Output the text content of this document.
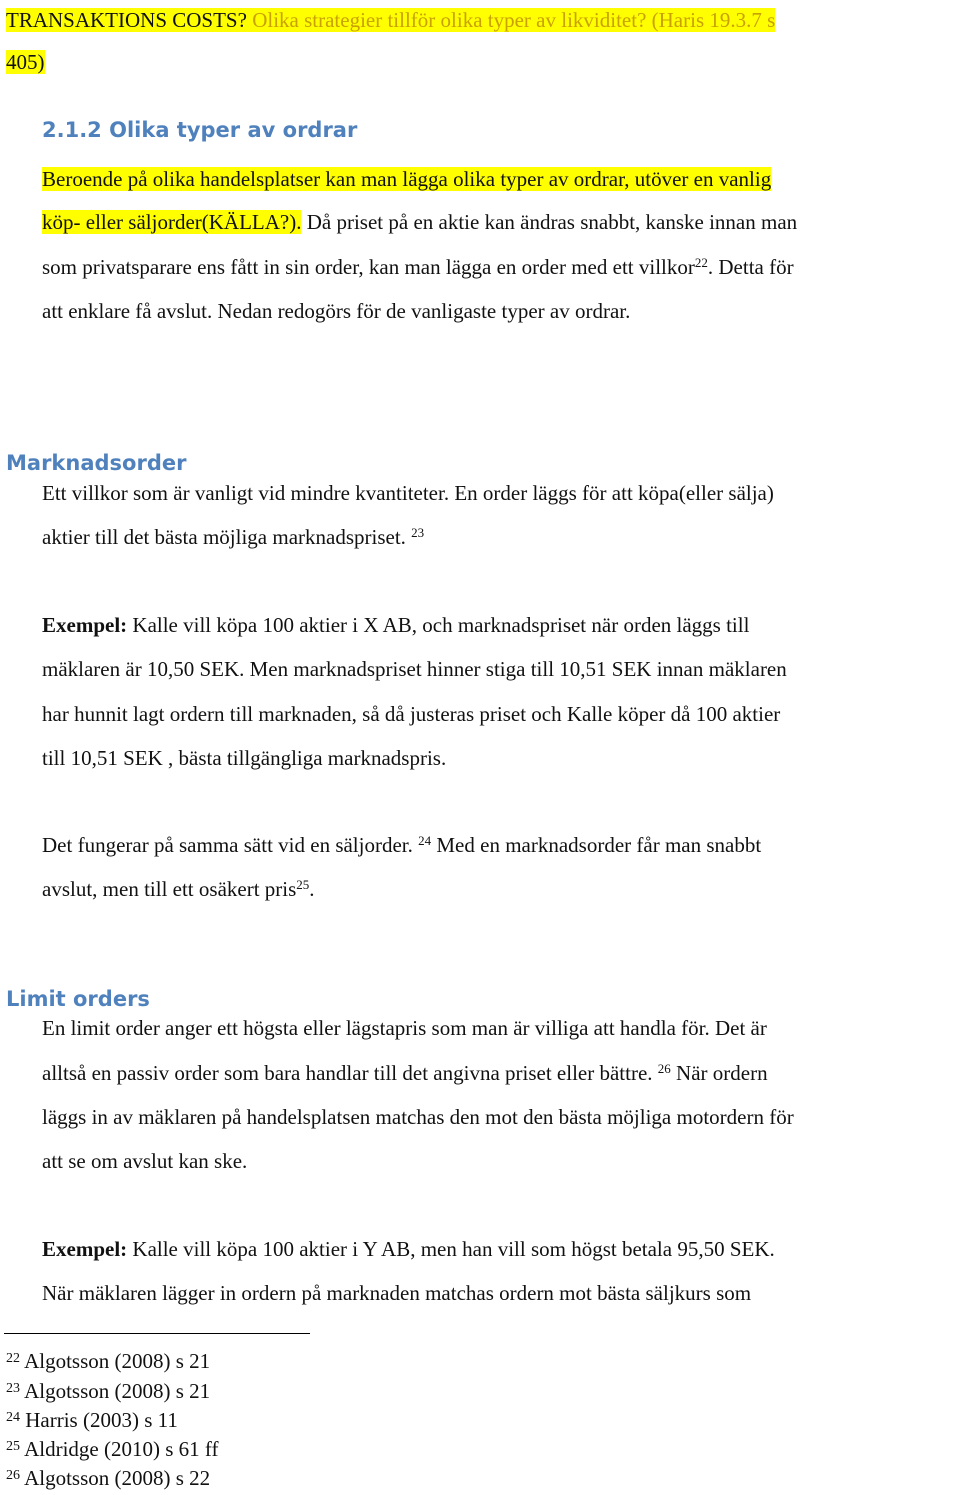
TRANSAKTIONS COSTS? Olika strategier tillför olika typer av likviditet? (Haris 19.3.7 s
405)
2.1.2 Olika typer av ordrar
Beroende på olika handelsplatser kan man lägga olika typer av ordrar, utöver en vanlig
köp- eller säljorder(KÄLLA?). Då priset på en aktie kan ändras snabbt, kanske innan man
som privatsparare ens fått in sin order, kan man lägga en order med ett villkor$^{22}$. Detta för
att enklare få avslut. Nedan redogörs för de vanligaste typer av ordrar.
Marknadsorder
Ett villkor som är vanligt vid mindre kvantiteter. En order läggs för att köpa(eller sälja)
aktier till det bästa möjliga marknadspriset. $^{23}$
Exempel: Kalle vill köpa 100 aktier i X AB, och marknadspriset när orden läggs till
mäklaren är 10,50 SEK. Men marknadspriset hinner stiga till 10,51 SEK innan mäklaren
har hunnit lagt ordern till marknaden, så då justeras priset och Kalle köper då 100 aktier
till 10,51 SEK , bästa tillgängliga marknadspris.
Det fungerar på samma sätt vid en säljorder. $^{24}$ Med en marknadsorder får man snabbt
avslut, men till ett osäkert pris$^{25}$.
Limit orders
En limit order anger ett högsta eller lägstapris som man är villiga att handla för. Det är
alltså en passiv order som bara handlar till det angivna priset eller bättre. $^{26}$ När ordern
läggs in av mäklaren på handelsplatsen matchas den mot den bästa möjliga motordern för
att se om avslut kan ske.
Exempel: Kalle vill köpa 100 aktier i Y AB, men han vill som högst betala 95,50 SEK.
När mäklaren lägger in ordern på marknaden matchas ordern mot bästa säljkurs som
$^{22}$ Algotsson (2008) s 21
$^{23}$ Algotsson (2008) s 21
$^{24}$ Harris (2003) s 11
$^{25}$ Aldridge (2010) s 61 ff
$^{26}$ Algotsson (2008) s 22
